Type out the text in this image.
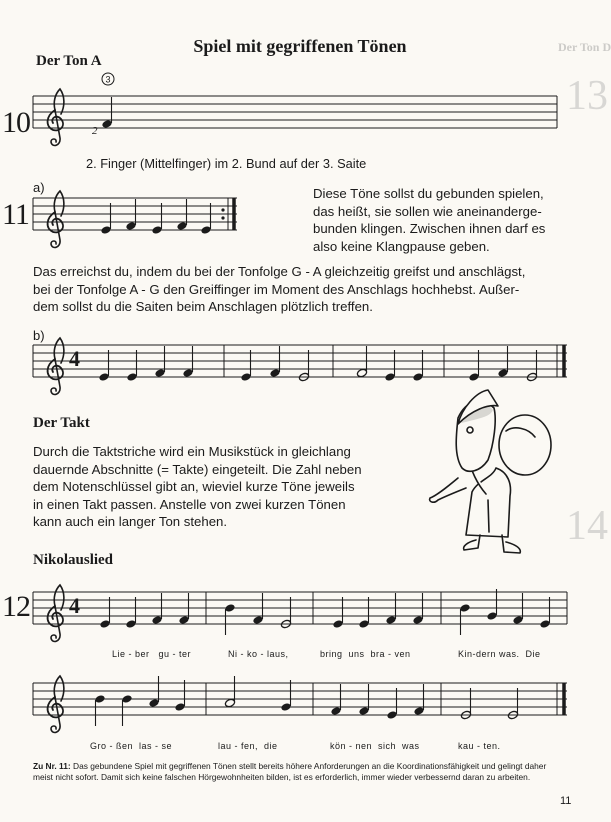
Spiel mit gegriffenen Tönen
Der Ton A
10
2. Finger (Mittelfinger) im 2. Bund auf der 3. Saite
a)
11
Diese Töne sollst du gebunden spielen,
das heißt, sie sollen wie aneinanderge-
bunden klingen. Zwischen ihnen darf es
also keine Klangpause geben.
Das erreichst du, indem du bei der Tonfolge G - A gleichzeitig greifst und anschlägst,
bei der Tonfolge A - G den Greiffinger im Moment des Anschlags hochhebst. Außer-
dem sollst du die Saiten beim Anschlagen plötzlich treffen.
b)
Der Takt
Durch die Taktstriche wird ein Musikstück in gleichlang
dauernde Abschnitte (= Takte) eingeteilt. Die Zahl neben
dem Notenschlüssel gibt an, wieviel kurze Töne jeweils
in einen Takt passen. Anstelle von zwei kurzen Tönen
kann auch ein langer Ton stehen.
Nikolauslied
12
Lie - ber   gu - ter	Ni - ko - laus,	bring  uns  bra - ven	Kin-dern was.  Die
Gro - ßen  las - se	lau - fen,  die	kön - nen  sich  was	kau - ten.
Zu Nr. 11: Das gebundene Spiel mit gegriffenen Tönen stellt bereits höhere Anforderungen an die Koordinationsfähigkeit und gelingt daher
meist nicht sofort. Damit sich keine falschen Hörgewohnheiten bilden, ist es erforderlich, immer wieder verbessernd daran zu arbeiten.
11
Der Ton D
13
14
3
2
4
4
